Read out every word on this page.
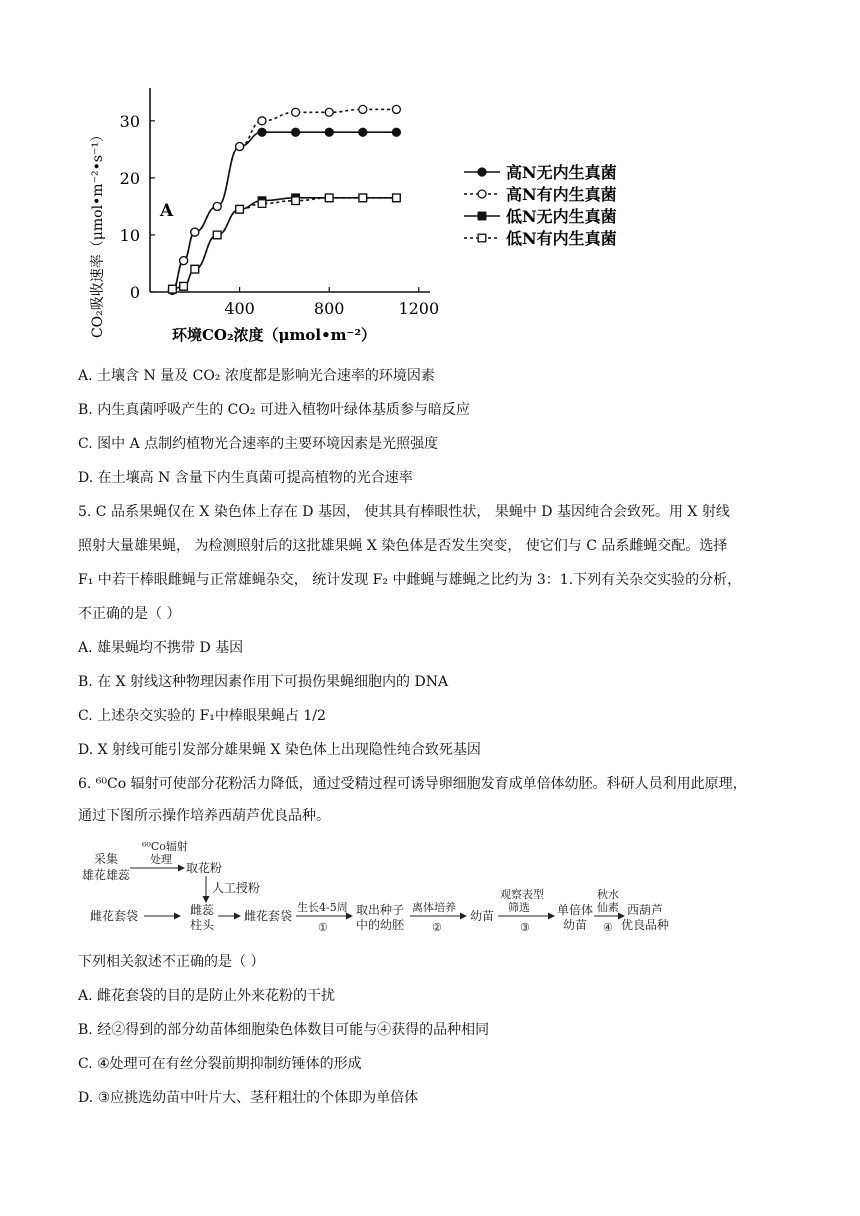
0
10
20
30
400	800	1200
A
CO₂吸收速率（μmol•m⁻²•s⁻¹）	环境CO₂浓度（μmol•m⁻²）
高N无内生真菌
高N有内生真菌
低N无内生真菌
低N有内生真菌
A. 土壤含 N 量及 CO₂ 浓度都是影响光合速率的环境因素
B. 内生真菌呼吸产生的 CO₂ 可进入植物叶绿体基质参与暗反应
C. 图中 A 点制约植物光合速率的主要环境因素是光照强度
D. 在土壤高 N 含量下内生真菌可提高植物的光合速率
5. C 品系果蝇仅在 X 染色体上存在 D 基因， 使其具有棒眼性状， 果蝇中 D 基因纯合会致死。用 X 射线
照射大量雄果蝇， 为检测照射后的这批雄果蝇 X 染色体是否发生突变， 使它们与 C 品系雌蝇交配。选择
F₁ 中若干棒眼雌蝇与正常雄蝇杂交， 统计发现 F₂ 中雌蝇与雄蝇之比约为 3：1.下列有关杂交实验的分析，
不正确的是（ ）
A. 雄果蝇均不携带 D 基因
B. 在 X 射线这种物理因素作用下可损伤果蝇细胞内的 DNA
C. 上述杂交实验的 F₁中棒眼果蝇占 1/2
D. X 射线可能引发部分雄果蝇 X 染色体上出现隐性纯合致死基因
6. ⁶⁰Co 辐射可使部分花粉活力降低，通过受精过程可诱导卵细胞发育成单倍体幼胚。科研人员利用此原理，
通过下图所示操作培养西葫芦优良品种。
采集
雄花雄蕊
⁶⁰Co辐射
处理
取花粉
人工授粉
雌花套袋	雌蕊
柱头
雌花套袋
生长4-5周
①
取出种子
中的幼胚
离体培养
②
幼苗
观察表型
筛选
③
单倍体
幼苗
秋水
仙素
④
西葫芦
优良品种
下列相关叙述不正确的是（ ）
A. 雌花套袋的目的是防止外来花粉的干扰
B. 经②得到的部分幼苗体细胞染色体数目可能与④获得的品种相同
C. ④处理可在有丝分裂前期抑制纺锤体的形成
D. ③应挑选幼苗中叶片大、茎秆粗壮的个体即为单倍体
